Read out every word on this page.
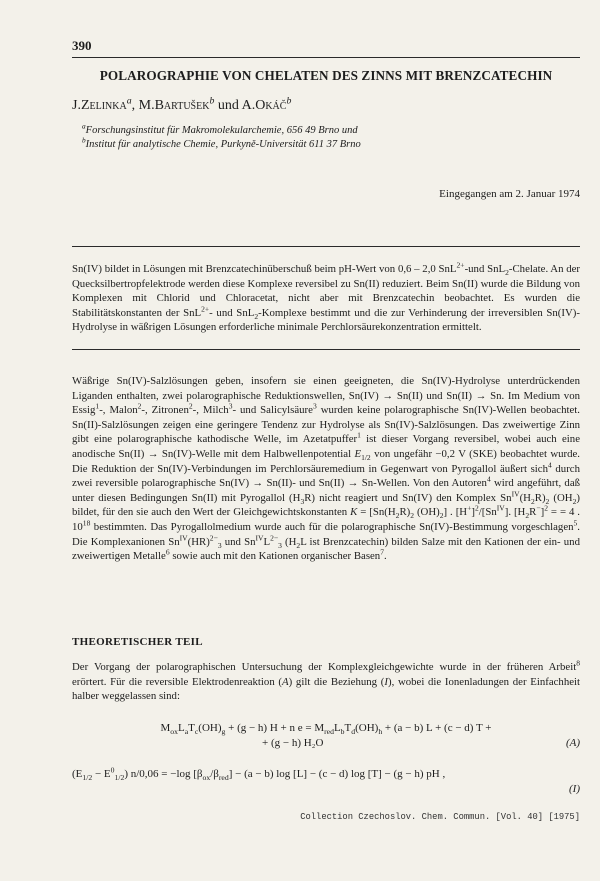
390
POLAROGRAPHIE VON CHELATEN DES ZINNS MIT BRENZCATECHIN
J.Zelinka$^a$, M.Bartušek$^b$ und A.Okáč$^b$
$^a$Forschungsinstitut für Makromolekularchemie, 656 49 Brno und
$^b$Institut für analytische Chemie, Purkyně-Universität 611 37 Brno
Eingegangen am 2. Januar 1974
Sn(IV) bildet in Lösungen mit Brenzcatechinüberschuß beim pH-Wert von 0,6 – 2,0 SnL$^{2+}$-und SnL$_2$-Chelate. An der Quecksilbertropfelektrode werden diese Komplexe reversibel zu Sn(II) reduziert. Beim Sn(II) wurde die Bildung von Komplexen mit Chlorid und Chloracetat, nicht aber mit Brenzcatechin beobachtet. Es wurden die Stabilitätskonstanten der SnL$^{2+}$- und SnL$_2$-Komplexe bestimmt und die zur Verhinderung der irreversiblen Sn(IV)-Hydrolyse in wäßrigen Lösungen erforderliche minimale Perchlorsäurekonzentration ermittelt.
Wäßrige Sn(IV)-Salzlösungen geben, insofern sie einen geeigneten, die Sn(IV)-Hydrolyse unterdrückenden Liganden enthalten, zwei polarographische Reduktionswellen, Sn(IV) → Sn(II) und Sn(II) → Sn. Im Medium von Essig$^1$-, Malon$^2$-, Zitronen$^2$-, Milch$^3$- und Salicylsäure$^3$ wurden keine polarographische Sn(IV)-Wellen beobachtet. Sn(II)-Salzlösungen zeigen eine geringere Tendenz zur Hydrolyse als Sn(IV)-Salzlösungen. Das zweiwertige Zinn gibt eine polarographische kathodische Welle, im Azetatpuffer$^1$ ist dieser Vorgang reversibel, wobei auch eine anodische Sn(II) → Sn(IV)-Welle mit dem Halbwellenpotential $E_{1/2}$ von ungefähr −0,2 V (SKE) beobachtet wurde. Die Reduktion der Sn(IV)-Verbindungen im Perchlorsäuremedium in Gegenwart von Pyrogallol äußert sich$^4$ durch zwei reversible polarographische Sn(IV) → Sn(II)- und Sn(II) → Sn-Wellen. Von den Autoren$^4$ wird angeführt, daß unter diesen Bedingungen Sn(II) mit Pyrogallol $(H_3R)$ nicht reagiert und Sn(IV) den Komplex $Sn^{IV}(H_2R)_2$ $(OH_2)$ bildet, für den sie auch den Wert der Gleichgewichtskonstanten $K = [Sn(H_2R)_2$ $(OH)_2$] . $[H^+]^2/[Sn^{IV}]$. $[H_2R^-]^2$ = = 4 . $10^{18}$ bestimmten. Das Pyrogallolmedium wurde auch für die polarographische Sn(IV)-Bestimmung vorgeschlagen$^5$. Die Komplexanionen $Sn^{IV}(HR)^{2-}_3$ und $Sn^{IV}L^{2-}_3$ ($H_2L$ ist Brenzcatechin) bilden Salze mit den Kationen der ein- und zweiwertigen Metalle$^6$ sowie auch mit den Kationen organischer Basen$^7$.
THEORETISCHER TEIL
Der Vorgang der polarographischen Untersuchung der Komplexgleichgewichte wurde in der früheren Arbeit$^8$ erörtert. Für die reversible Elektrodenreaktion (A) gilt die Beziehung (I), wobei die Ionenladungen der Einfachheit halber weggelassen sind:
$M_{ox}L_aT_c(OH)_g + (g - h) H + n$ $e = M_{red}L_bT_d(OH)_h + (a - b) L + (c - d) T$ +
+ (g − h) H₂O	(A)
$(E_{1/2} - E^0_{1/2}) n/0,06 = -\log$ $[\beta_{ox}/\beta_{red}] - (a - b)$ log [L] − (c − d) log [T] − (g − h) pH ,
(I)
Collection Czechoslov. Chem. Commun. [Vol. 40] [1975]
